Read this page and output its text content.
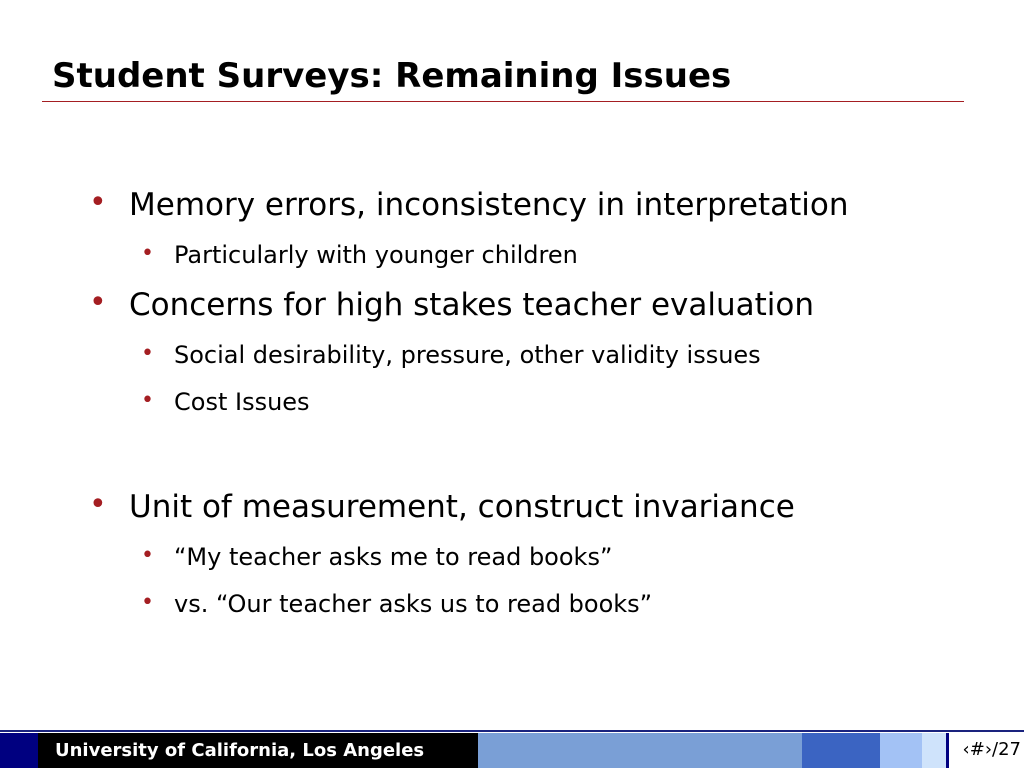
Student Surveys: Remaining Issues
• Memory errors, inconsistency in interpretation
• Particularly with younger children
• Concerns for high stakes teacher evaluation
• Social desirability, pressure, other validity issues
• Cost Issues
• Unit of measurement, construct invariance
• “My teacher asks me to read books”
• vs. “Our teacher asks us to read books”
University of California, Los Angeles	‹#›/27
